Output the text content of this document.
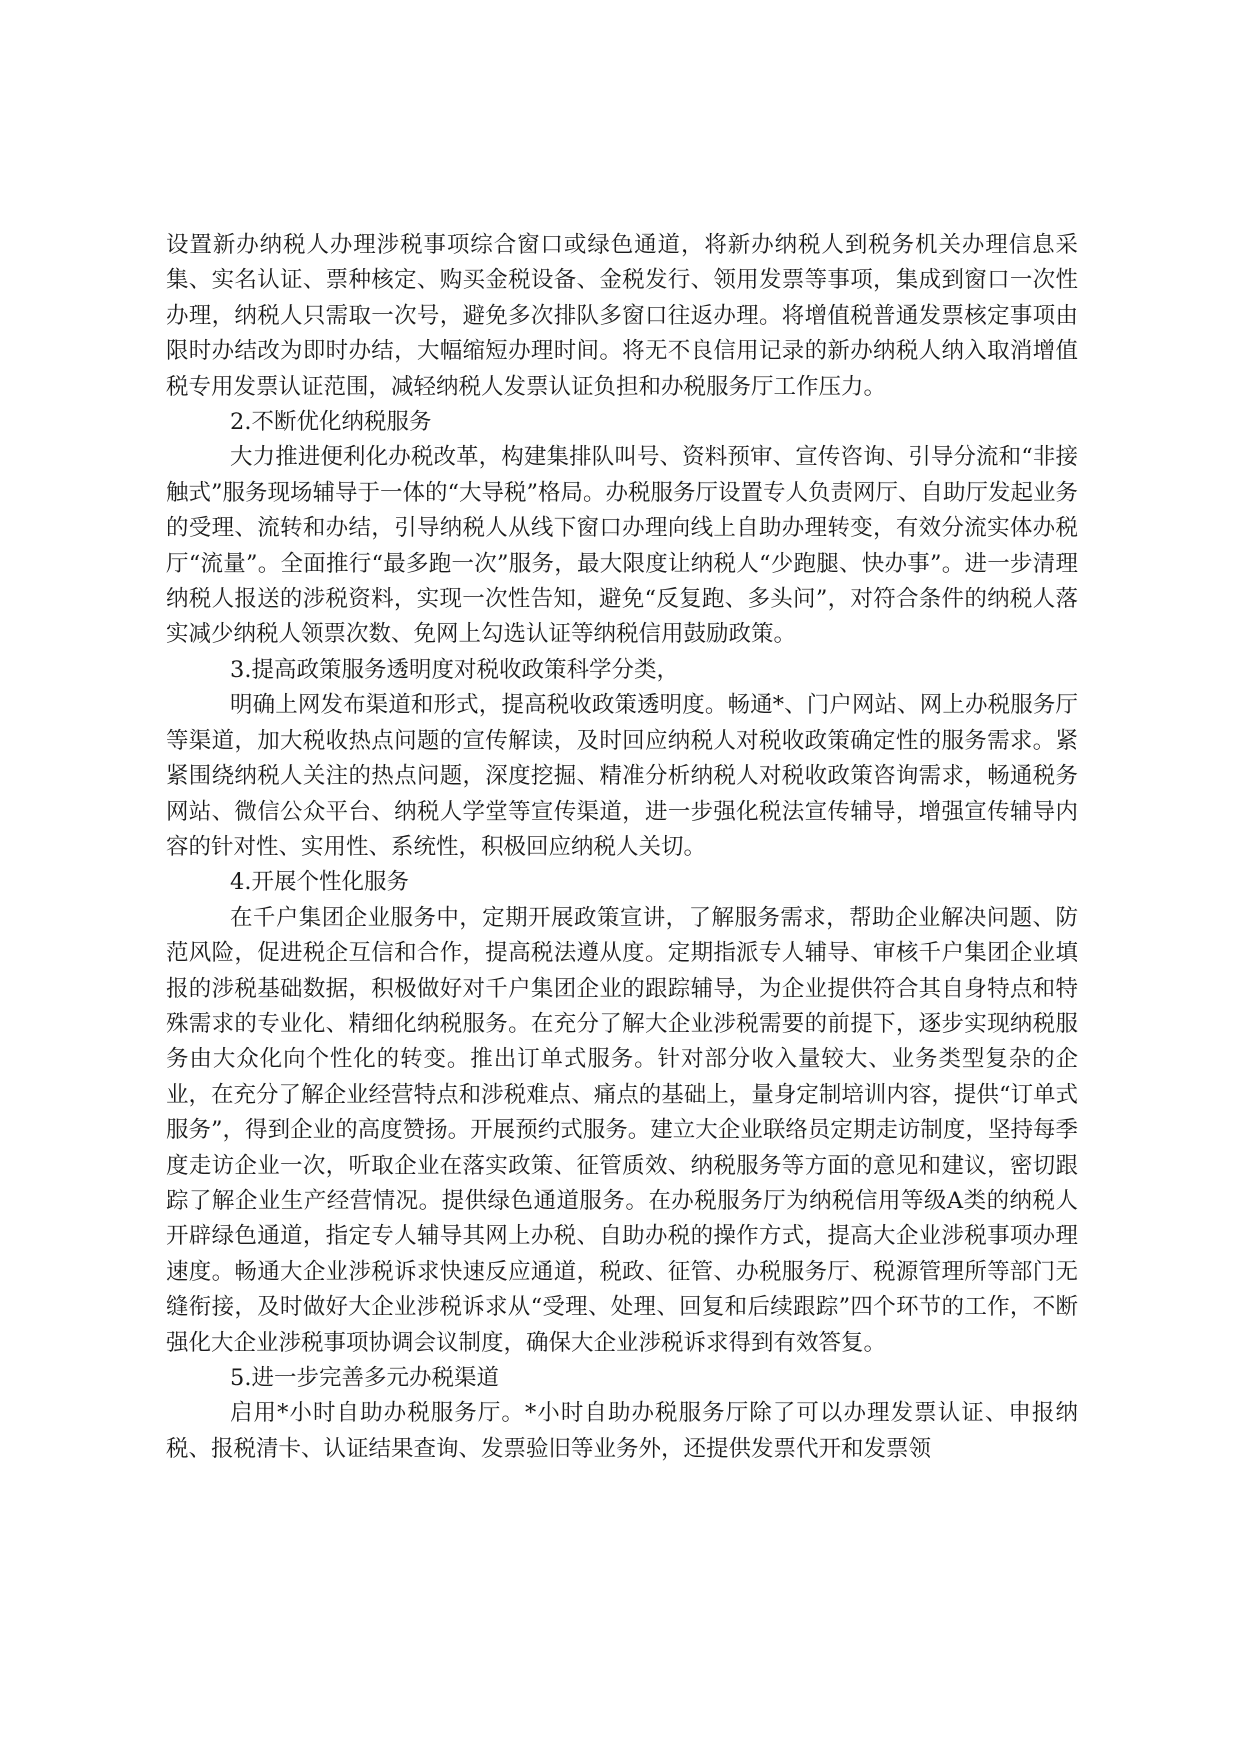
设置新办纳税人办理涉税事项综合窗口或绿色通道，将新办纳税人到税务机关办理信息采集、实名认证、票种核定、购买金税设备、金税发行、领用发票等事项，集成到窗口一次性办理，纳税人只需取一次号，避免多次排队多窗口往返办理。将增值税普通发票核定事项由限时办结改为即时办结，大幅缩短办理时间。将无不良信用记录的新办纳税人纳入取消增值税专用发票认证范围，减轻纳税人发票认证负担和办税服务厅工作压力。

2.不断优化纳税服务

大力推进便利化办税改革，构建集排队叫号、资料预审、宣传咨询、引导分流和“非接触式”服务现场辅导于一体的“大导税”格局。办税服务厅设置专人负责网厅、自助厅发起业务的受理、流转和办结，引导纳税人从线下窗口办理向线上自助办理转变，有效分流实体办税厅“流量”。全面推行“最多跑一次”服务，最大限度让纳税人“少跑腿、快办事”。进一步清理纳税人报送的涉税资料，实现一次性告知，避免“反复跑、多头问”，对符合条件的纳税人落实减少纳税人领票次数、免网上勾选认证等纳税信用鼓励政策。

3.提高政策服务透明度对税收政策科学分类，

明确上网发布渠道和形式，提高税收政策透明度。畅通*、门户网站、网上办税服务厅等渠道，加大税收热点问题的宣传解读，及时回应纳税人对税收政策确定性的服务需求。紧紧围绕纳税人关注的热点问题，深度挖掘、精准分析纳税人对税收政策咨询需求，畅通税务网站、微信公众平台、纳税人学堂等宣传渠道，进一步强化税法宣传辅导，增强宣传辅导内容的针对性、实用性、系统性，积极回应纳税人关切。

4.开展个性化服务

在千户集团企业服务中，定期开展政策宣讲，了解服务需求，帮助企业解决问题、防范风险，促进税企互信和合作，提高税法遵从度。定期指派专人辅导、审核千户集团企业填报的涉税基础数据，积极做好对千户集团企业的跟踪辅导，为企业提供符合其自身特点和特殊需求的专业化、精细化纳税服务。在充分了解大企业涉税需要的前提下，逐步实现纳税服务由大众化向个性化的转变。推出订单式服务。针对部分收入量较大、业务类型复杂的企业，在充分了解企业经营特点和涉税难点、痛点的基础上，量身定制培训内容，提供“订单式服务”，得到企业的高度赞扬。开展预约式服务。建立大企业联络员定期走访制度，坚持每季度走访企业一次，听取企业在落实政策、征管质效、纳税服务等方面的意见和建议，密切跟踪了解企业生产经营情况。提供绿色通道服务。在办税服务厅为纳税信用等级A类的纳税人开辟绿色通道，指定专人辅导其网上办税、自助办税的操作方式，提高大企业涉税事项办理速度。畅通大企业涉税诉求快速反应通道，税政、征管、办税服务厅、税源管理所等部门无缝衔接，及时做好大企业涉税诉求从“受理、处理、回复和后续跟踪”四个环节的工作，不断强化大企业涉税事项协调会议制度，确保大企业涉税诉求得到有效答复。

5.进一步完善多元办税渠道

启用*小时自助办税服务厅。*小时自助办税服务厅除了可以办理发票认证、申报纳税、报税清卡、认证结果查询、发票验旧等业务外，还提供发票代开和发票领
